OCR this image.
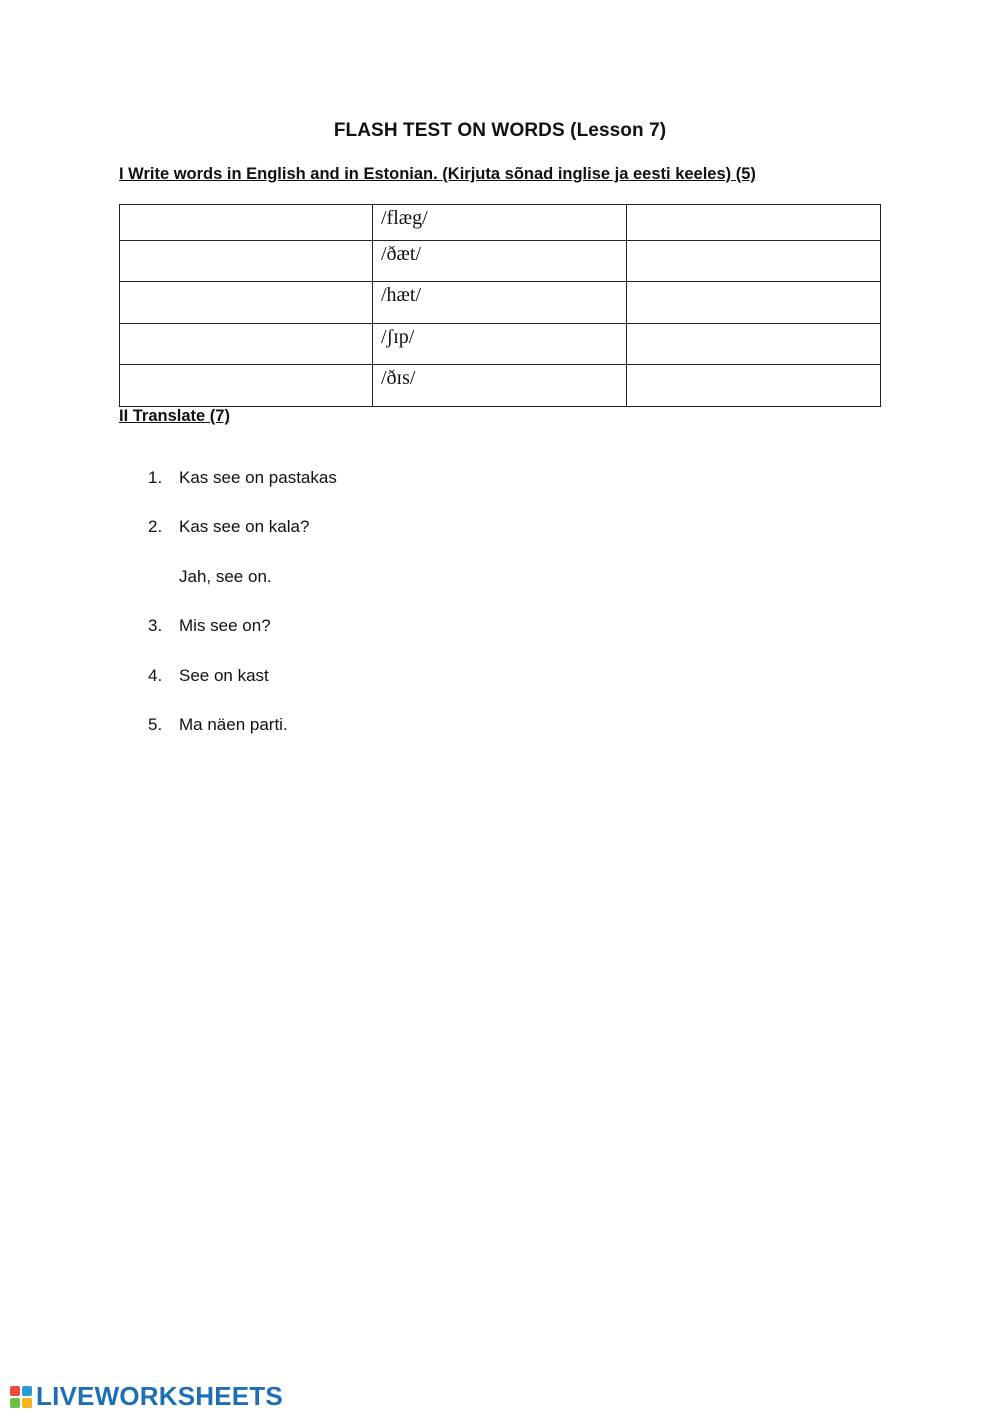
FLASH TEST ON WORDS (Lesson 7)
I Write words in English and in Estonian. (Kirjuta sõnad inglise ja eesti keeles) (5)
	/flæg/	
	/ðæt/	
	/hæt/	
	/ʃɪp/	
	/ðɪs/	
II Translate (7)
1. Kas see on pastakas
2. Kas see on kala?
Jah, see on.
3. Mis see on?
4. See on kast
5. Ma näen parti.
LIVEWORKSHEETS
